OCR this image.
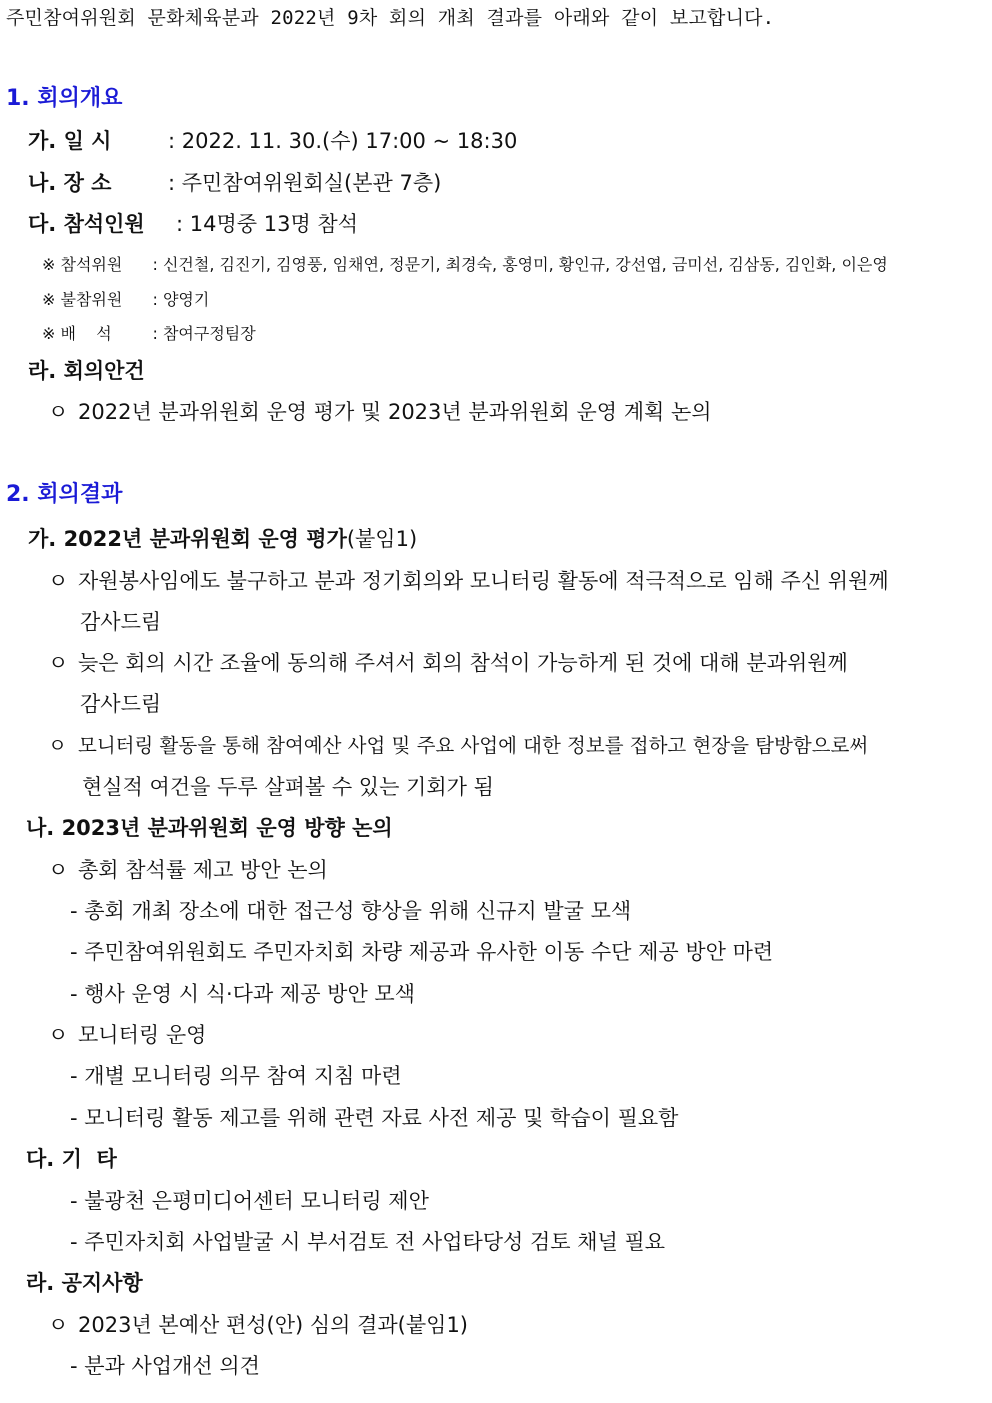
주민참여위원회 문화체육분과 2022년 9차 회의 개최 결과를 아래와 같이 보고합니다.
1. 회의개요
가. 일 시	: 2022. 11. 30.(수) 17:00 ~ 18:30
나. 장 소	: 주민참여위원회실(본관 7층)
다. 참석인원 : 14명중 13명 참석
※ 참석위원 : 신건철, 김진기, 김영풍, 임채연, 정문기, 최경숙, 홍영미, 황인규, 강선엽, 금미선, 김삼동, 김인화, 이은영
※ 불참위원 : 양영기
※ 배    석	: 참여구정팀장
라. 회의안건
ㅇ 2022년 분과위원회 운영 평가 및 2023년 분과위원회 운영 계획 논의
2. 회의결과
가. 2022년 분과위원회 운영 평가(붙임1)
ㅇ 자원봉사임에도 불구하고 분과 정기회의와 모니터링 활동에 적극적으로 임해 주신 위원께
감사드림
ㅇ 늦은 회의 시간 조율에 동의해 주셔서 회의 참석이 가능하게 된 것에 대해 분과위원께
감사드림
ㅇ 모니터링 활동을 통해 참여예산 사업 및 주요 사업에 대한 정보를 접하고 현장을 탐방함으로써
현실적 여건을 두루 살펴볼 수 있는 기회가 됨
나. 2023년 분과위원회 운영 방향 논의
ㅇ 총회 참석률 제고 방안 논의
- 총회 개최 장소에 대한 접근성 향상을 위해 신규지 발굴 모색
- 주민참여위원회도 주민자치회 차량 제공과 유사한 이동 수단 제공 방안 마련
- 행사 운영 시 식·다과 제공 방안 모색
ㅇ 모니터링 운영
- 개별 모니터링 의무 참여 지침 마련
- 모니터링 활동 제고를 위해 관련 자료 사전 제공 및 학습이 필요함
다. 기  타
- 불광천 은평미디어센터 모니터링 제안
- 주민자치회 사업발굴 시 부서검토 전 사업타당성 검토 채널 필요
라. 공지사항
ㅇ 2023년 본예산 편성(안) 심의 결과(붙임1)
- 분과 사업개선 의견
